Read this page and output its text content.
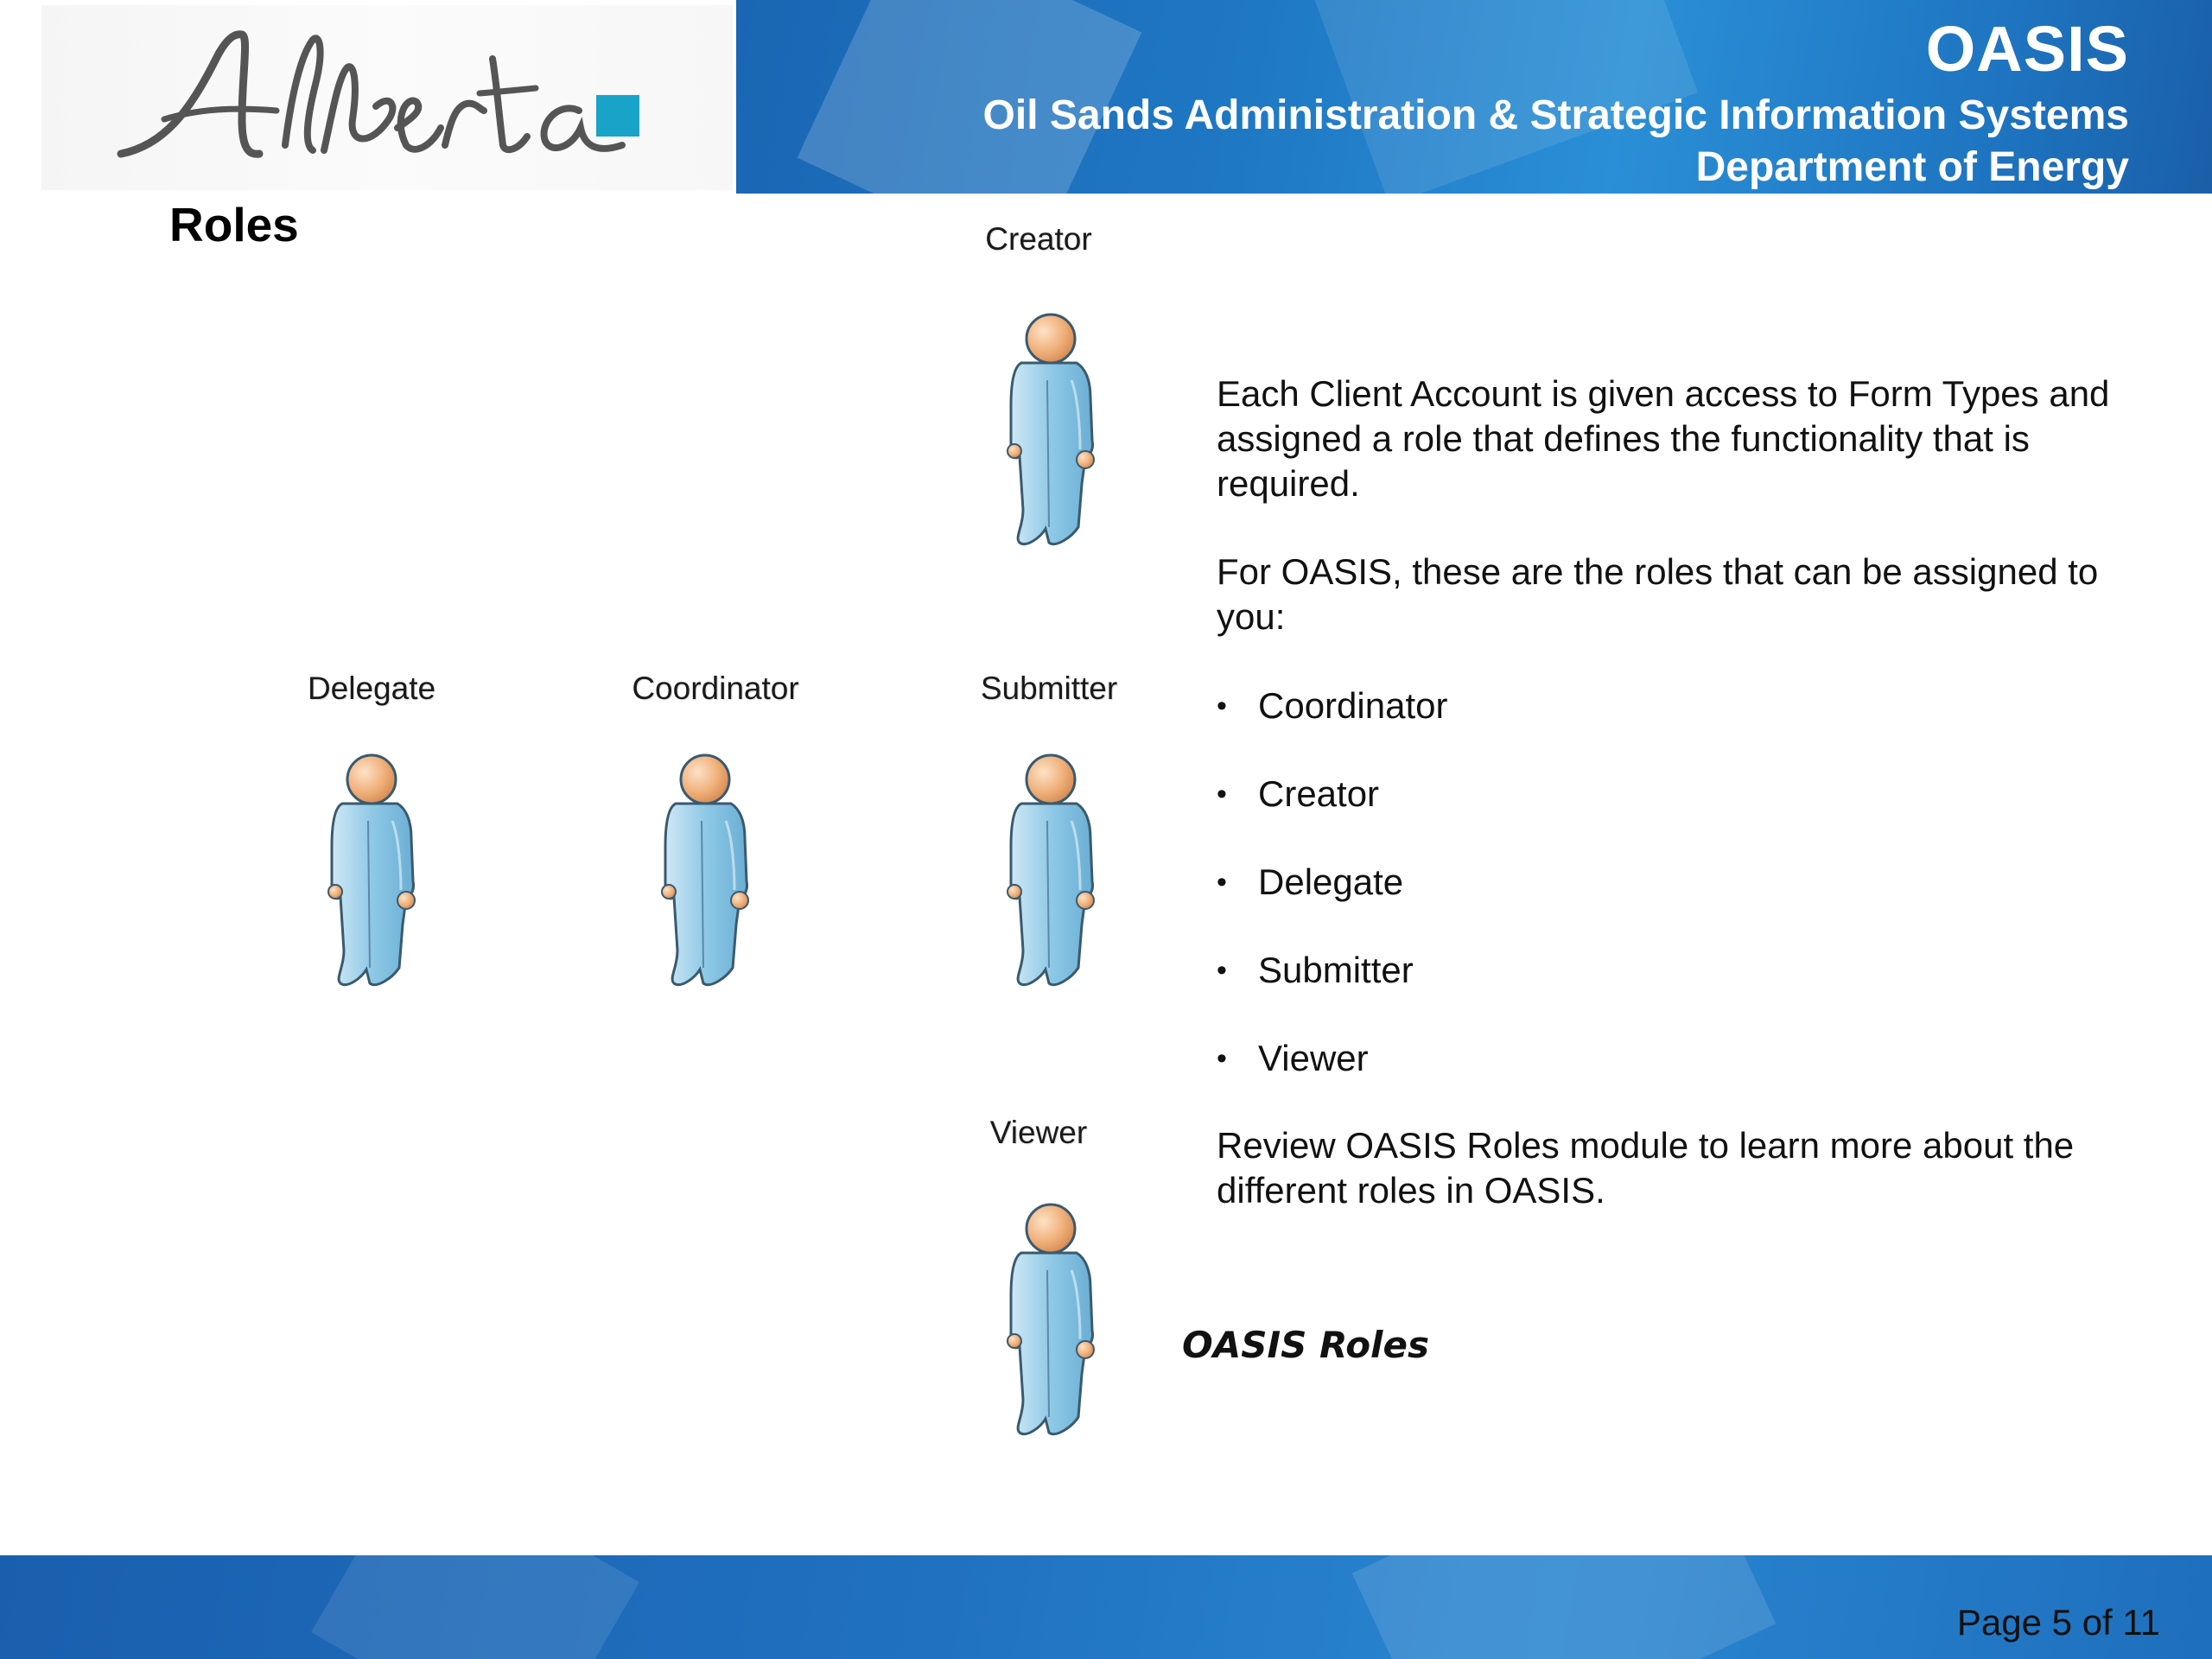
OASIS
Oil Sands Administration & Strategic Information Systems
Department of Energy
Roles	Creator
Delegate	Coordinator	Submitter
Viewer
Each Client Account is given access to Form Types and assigned a role that defines the functionality that is required.
For OASIS, these are the roles that can be assigned to you:
• Coordinator
• Creator
• Delegate
• Submitter
• Viewer
Review OASIS Roles module to learn more about the different roles in OASIS.
OASIS Roles
Page 5 of 11
